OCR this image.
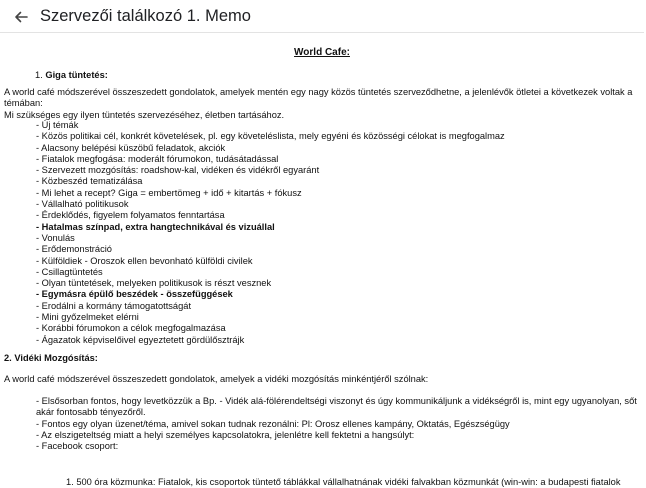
Szervezői találkozó 1. Memo
World Cafe:
1. Giga tüntetés:
A world café módszerével összeszedett gondolatok, amelyek mentén egy nagy közös tüntetés szerveződhetne, a jelenlévők ötletei a következek voltak a témában:
Mi szükséges egy ilyen tüntetés szervezéséhez, életben tartásához.
- Új témák
- Közös politikai cél, konkrét követelések, pl. egy követeléslista, mely egyéni és közösségi célokat is megfogalmaz
- Alacsony belépési küszöbű feladatok, akciók
- Fiatalok megfogása: moderált fórumokon, tudásátadással
- Szervezett mozgósítás: roadshow-kal, vidéken és vidékről egyaránt
- Közbeszéd tematizálása
- Mi lehet a recept? Giga = embertömeg + idő + kitartás + fókusz
- Vállalható politikusok
- Érdeklődés, figyelem folyamatos fenntartása
- Hatalmas színpad, extra hangtechnikával és vizuállal
- Vonulás
- Erődemonstráció
- Külföldiek - Oroszok ellen bevonható külföldi civilek
- Csillagtüntetés
- Olyan tüntetések, melyeken politikusok is részt vesznek
- Egymásra épülő beszédek - összefüggések
- Erodálni a kormány támogatottságát
- Mini győzelmeket elérni
- Korábbi fórumokon a célok megfogalmazása
- Ágazatok képviselőivel egyeztetett gördülősztrájk
2. Vidéki Mozgósítás:
A world café módszerével összeszedett gondolatok, amelyek a vidéki mozgósítás minkéntjéről szólnak:
- Elsősorban fontos, hogy levetközzük a Bp. - Vidék alá-fölérendeltségi viszonyt és úgy kommunikáljunk a vidékségről is, mint egy ugyanolyan, sőt akár fontosabb tényezőről.
- Fontos egy olyan üzenet/téma, amivel sokan tudnak rezonálni: Pl: Orosz ellenes kampány, Oktatás, Egészségügy
- Az elszigeteltség miatt a helyi személyes kapcsolatokra, jelenlétre kell fektetni a hangsúlyt:
- Facebook csoport:
1. 500 óra közmunka: Fiatalok, kis csoportok tüntető táblákkal vállalhatnának vidéki falvakban közmunkát (win-win: a budapesti fiatalok
